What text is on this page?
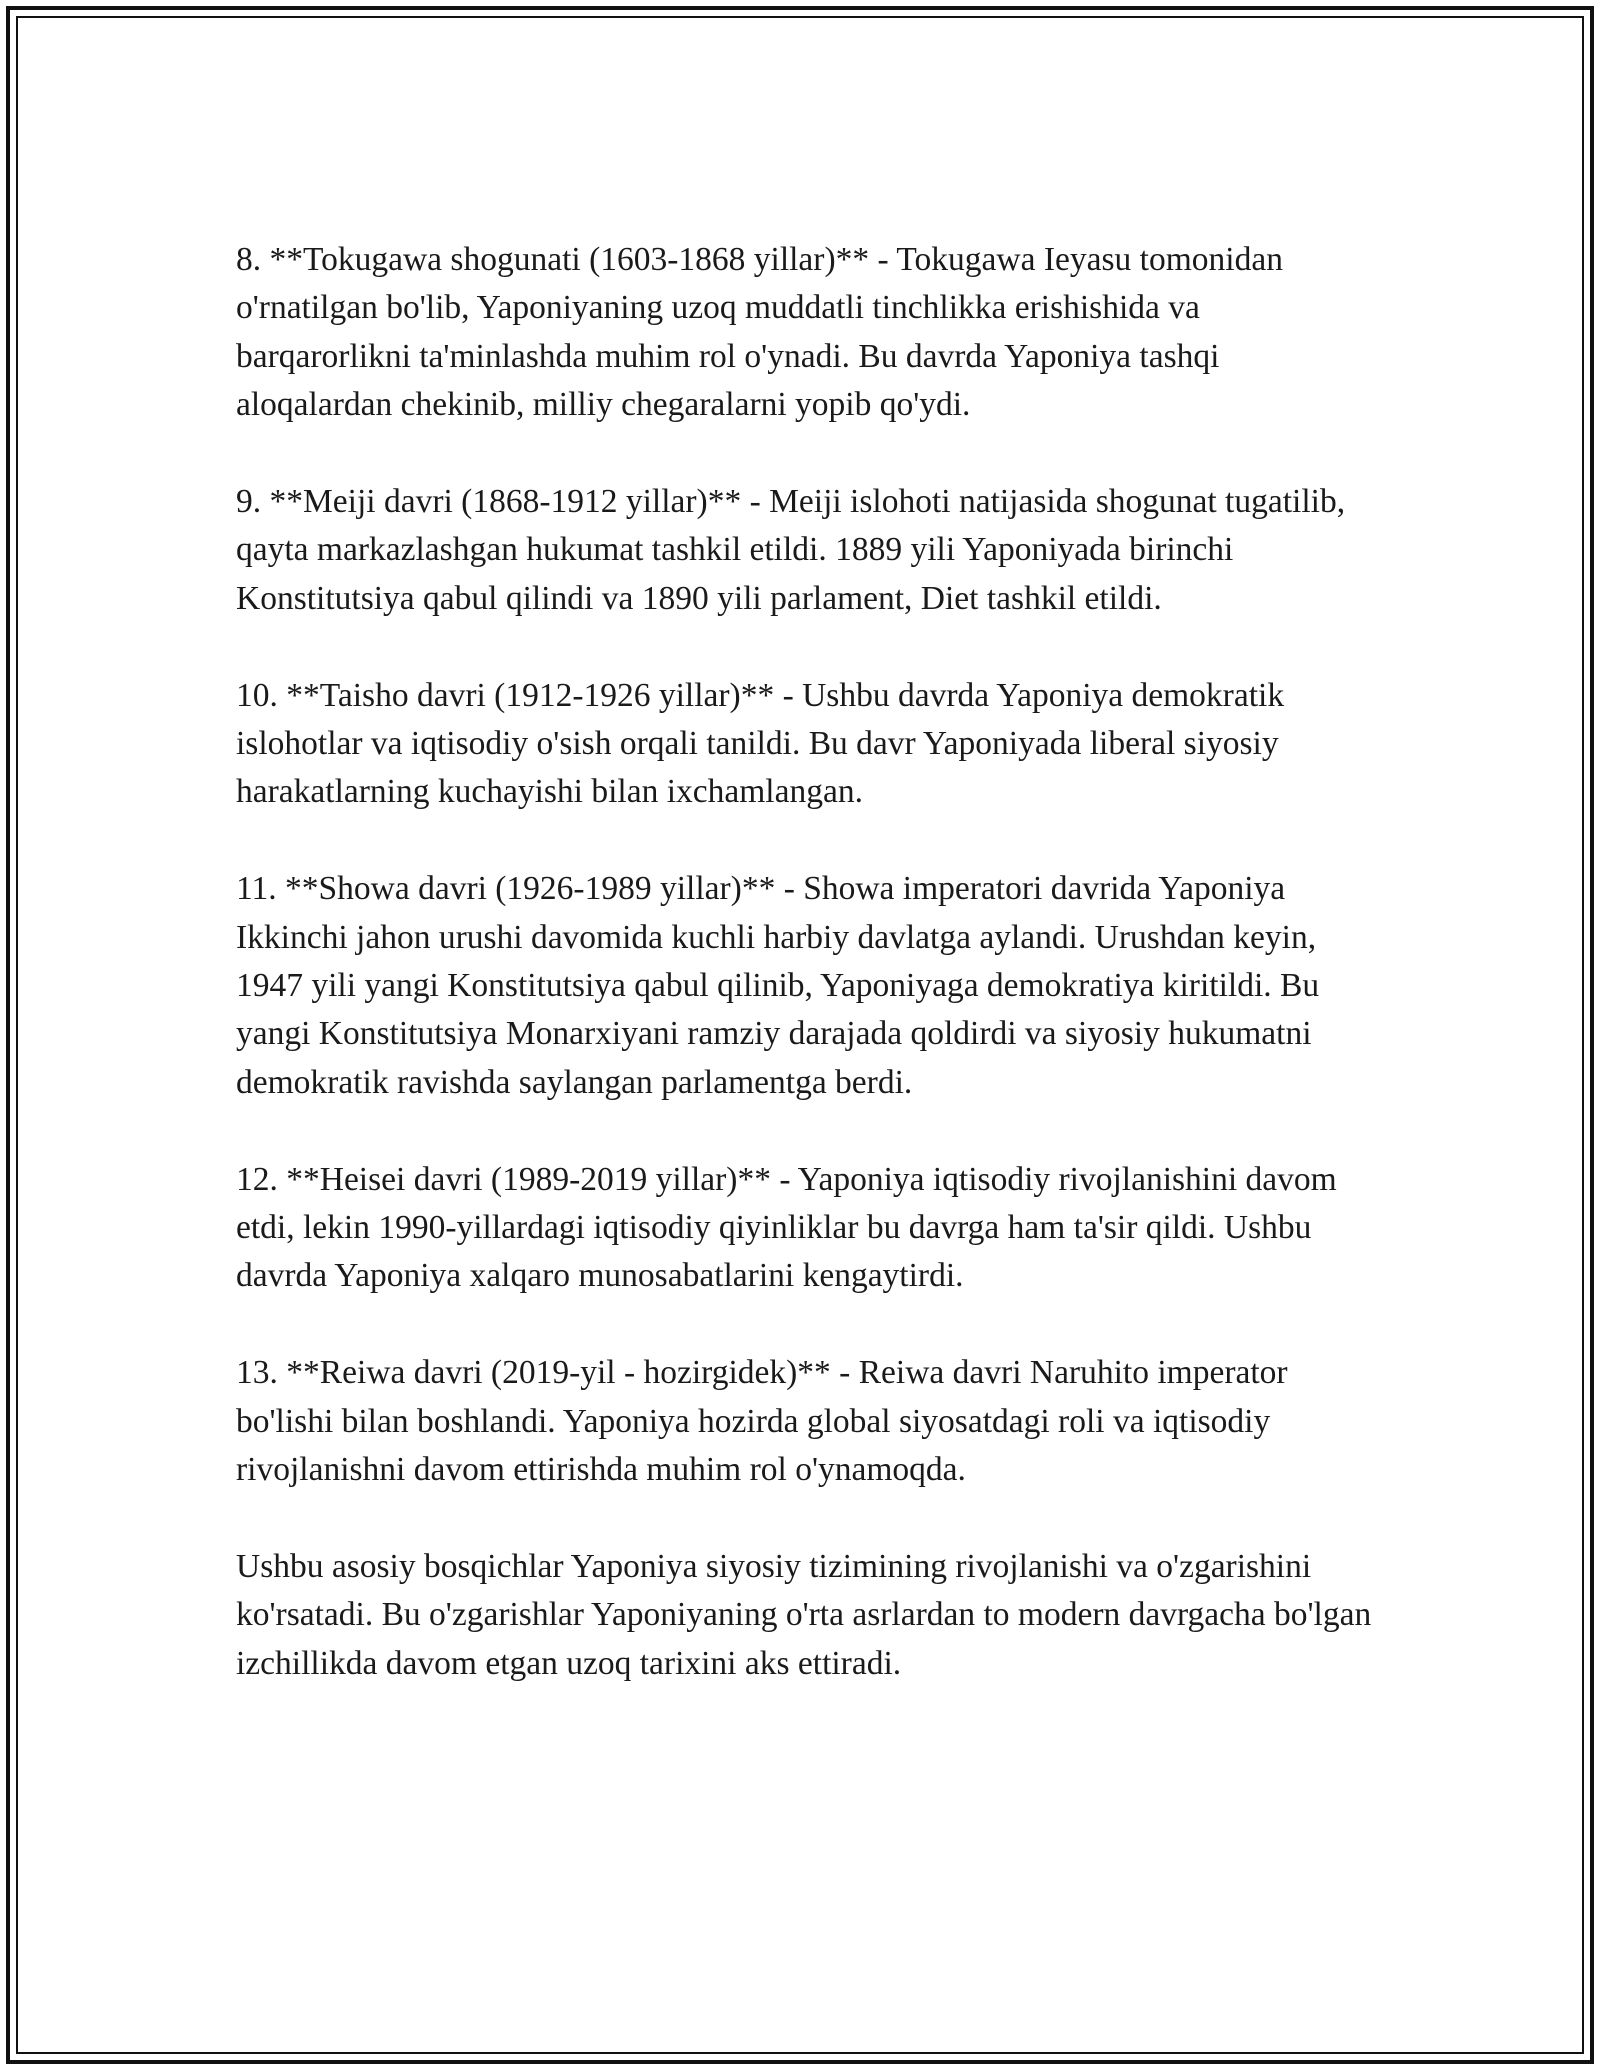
8. **Tokugawa shogunati (1603-1868 yillar)** - Tokugawa Ieyasu tomonidan o'rnatilgan bo'lib, Yaponiyaning uzoq muddatli tinchlikka erishishida va barqarorlikni ta'minlashda muhim rol o'ynadi. Bu davrda Yaponiya tashqi aloqalardan chekinib, milliy chegaralarni yopib qo'ydi.

9. **Meiji davri (1868-1912 yillar)** - Meiji islohoti natijasida shogunat tugatilib, qayta markazlashgan hukumat tashkil etildi. 1889 yili Yaponiyada birinchi Konstitutsiya qabul qilindi va 1890 yili parlament, Diet tashkil etildi.

10. **Taisho davri (1912-1926 yillar)** - Ushbu davrda Yaponiya demokratik islohotlar va iqtisodiy o'sish orqali tanildi. Bu davr Yaponiyada liberal siyosiy harakatlarning kuchayishi bilan ixchamlangan.

11. **Showa davri (1926-1989 yillar)** - Showa imperatori davrida Yaponiya Ikkinchi jahon urushi davomida kuchli harbiy davlatga aylandi. Urushdan keyin, 1947 yili yangi Konstitutsiya qabul qilinib, Yaponiyaga demokratiya kiritildi. Bu yangi Konstitutsiya Monarxiyani ramziy darajada qoldirdi va siyosiy hukumatni demokratik ravishda saylangan parlamentga berdi.

12. **Heisei davri (1989-2019 yillar)** - Yaponiya iqtisodiy rivojlanishini davom etdi, lekin 1990-yillardagi iqtisodiy qiyinliklar bu davrga ham ta'sir qildi. Ushbu davrda Yaponiya xalqaro munosabatlarini kengaytirdi.

13. **Reiwa davri (2019-yil - hozirgidek)** - Reiwa davri Naruhito imperator bo'lishi bilan boshlandi. Yaponiya hozirda global siyosatdagi roli va iqtisodiy rivojlanishni davom ettirishda muhim rol o'ynamoqda.

Ushbu asosiy bosqichlar Yaponiya siyosiy tizimining rivojlanishi va o'zgarishini ko'rsatadi. Bu o'zgarishlar Yaponiyaning o'rta asrlardan to modern davrgacha bo'lgan izchillikda davom etgan uzoq tarixini aks ettiradi.
